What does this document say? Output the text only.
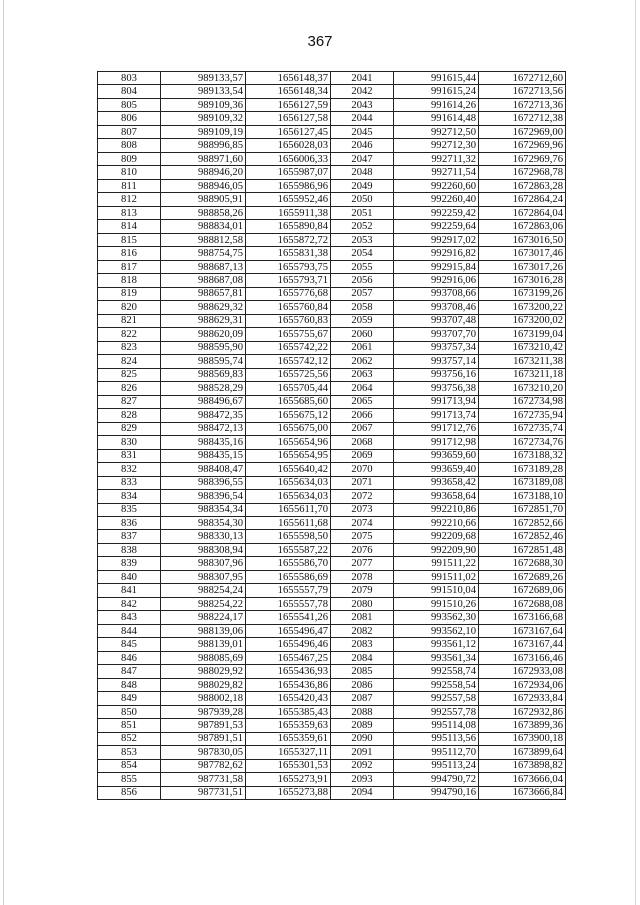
367
803	989133,57	1656148,37	2041	991615,44	1672712,60
804	989133,54	1656148,34	2042	991615,24	1672713,56
805	989109,36	1656127,59	2043	991614,26	1672713,36
806	989109,32	1656127,58	2044	991614,48	1672712,38
807	989109,19	1656127,45	2045	992712,50	1672969,00
808	988996,85	1656028,03	2046	992712,30	1672969,96
809	988971,60	1656006,33	2047	992711,32	1672969,76
810	988946,20	1655987,07	2048	992711,54	1672968,78
811	988946,05	1655986,96	2049	992260,60	1672863,28
812	988905,91	1655952,46	2050	992260,40	1672864,24
813	988858,26	1655911,38	2051	992259,42	1672864,04
814	988834,01	1655890,84	2052	992259,64	1672863,06
815	988812,58	1655872,72	2053	992917,02	1673016,50
816	988754,75	1655831,38	2054	992916,82	1673017,46
817	988687,13	1655793,75	2055	992915,84	1673017,26
818	988687,08	1655793,71	2056	992916,06	1673016,28
819	988657,81	1655776,68	2057	993708,66	1673199,26
820	988629,32	1655760,84	2058	993708,46	1673200,22
821	988629,31	1655760,83	2059	993707,48	1673200,02
822	988620,09	1655755,67	2060	993707,70	1673199,04
823	988595,90	1655742,22	2061	993757,34	1673210,42
824	988595,74	1655742,12	2062	993757,14	1673211,38
825	988569,83	1655725,56	2063	993756,16	1673211,18
826	988528,29	1655705,44	2064	993756,38	1673210,20
827	988496,67	1655685,60	2065	991713,94	1672734,98
828	988472,35	1655675,12	2066	991713,74	1672735,94
829	988472,13	1655675,00	2067	991712,76	1672735,74
830	988435,16	1655654,96	2068	991712,98	1672734,76
831	988435,15	1655654,95	2069	993659,60	1673188,32
832	988408,47	1655640,42	2070	993659,40	1673189,28
833	988396,55	1655634,03	2071	993658,42	1673189,08
834	988396,54	1655634,03	2072	993658,64	1673188,10
835	988354,34	1655611,70	2073	992210,86	1672851,70
836	988354,30	1655611,68	2074	992210,66	1672852,66
837	988330,13	1655598,50	2075	992209,68	1672852,46
838	988308,94	1655587,22	2076	992209,90	1672851,48
839	988307,96	1655586,70	2077	991511,22	1672688,30
840	988307,95	1655586,69	2078	991511,02	1672689,26
841	988254,24	1655557,79	2079	991510,04	1672689,06
842	988254,22	1655557,78	2080	991510,26	1672688,08
843	988224,17	1655541,26	2081	993562,30	1673166,68
844	988139,06	1655496,47	2082	993562,10	1673167,64
845	988139,01	1655496,46	2083	993561,12	1673167,44
846	988085,69	1655467,25	2084	993561,34	1673166,46
847	988029,92	1655436,93	2085	992558,74	1672933,08
848	988029,82	1655436,86	2086	992558,54	1672934,06
849	988002,18	1655420,43	2087	992557,58	1672933,84
850	987939,28	1655385,43	2088	992557,78	1672932,86
851	987891,53	1655359,63	2089	995114,08	1673899,36
852	987891,51	1655359,61	2090	995113,56	1673900,18
853	987830,05	1655327,11	2091	995112,70	1673899,64
854	987782,62	1655301,53	2092	995113,24	1673898,82
855	987731,58	1655273,91	2093	994790,72	1673666,04
856	987731,51	1655273,88	2094	994790,16	1673666,84
